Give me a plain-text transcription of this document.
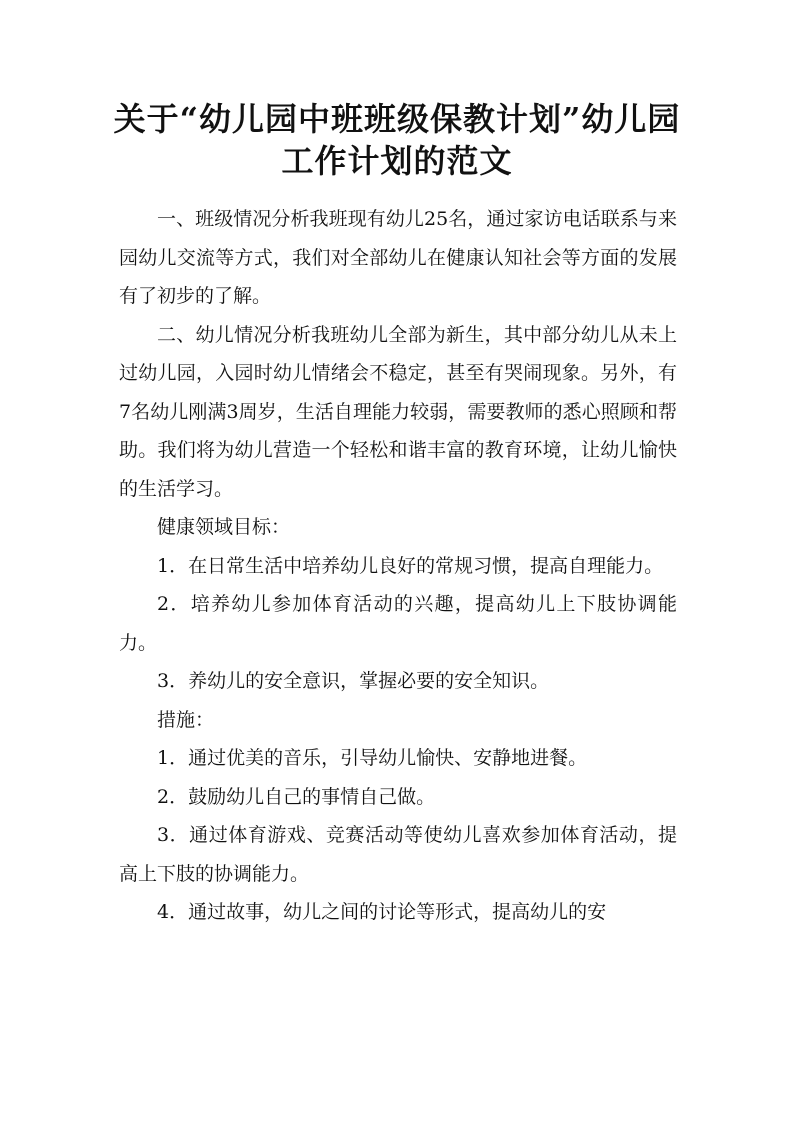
关于“幼儿园中班班级保教计划”幼儿园工作计划的范文

一、班级情况分析我班现有幼儿25名，通过家访电话联系与来园幼儿交流等方式，我们对全部幼儿在健康认知社会等方面的发展有了初步的了解。

二、幼儿情况分析我班幼儿全部为新生，其中部分幼儿从未上过幼儿园，入园时幼儿情绪会不稳定，甚至有哭闹现象。另外，有7名幼儿刚满3周岁，生活自理能力较弱，需要教师的悉心照顾和帮助。我们将为幼儿营造一个轻松和谐丰富的教育环境，让幼儿愉快的生活学习。

健康领域目标：

1．在日常生活中培养幼儿良好的常规习惯，提高自理能力。

2．培养幼儿参加体育活动的兴趣，提高幼儿上下肢协调能力。

3．养幼儿的安全意识，掌握必要的安全知识。

措施：

1．通过优美的音乐，引导幼儿愉快、安静地进餐。

2．鼓励幼儿自己的事情自己做。

3．通过体育游戏、竞赛活动等使幼儿喜欢参加体育活动，提高上下肢的协调能力。

4．通过故事，幼儿之间的讨论等形式，提高幼儿的安
